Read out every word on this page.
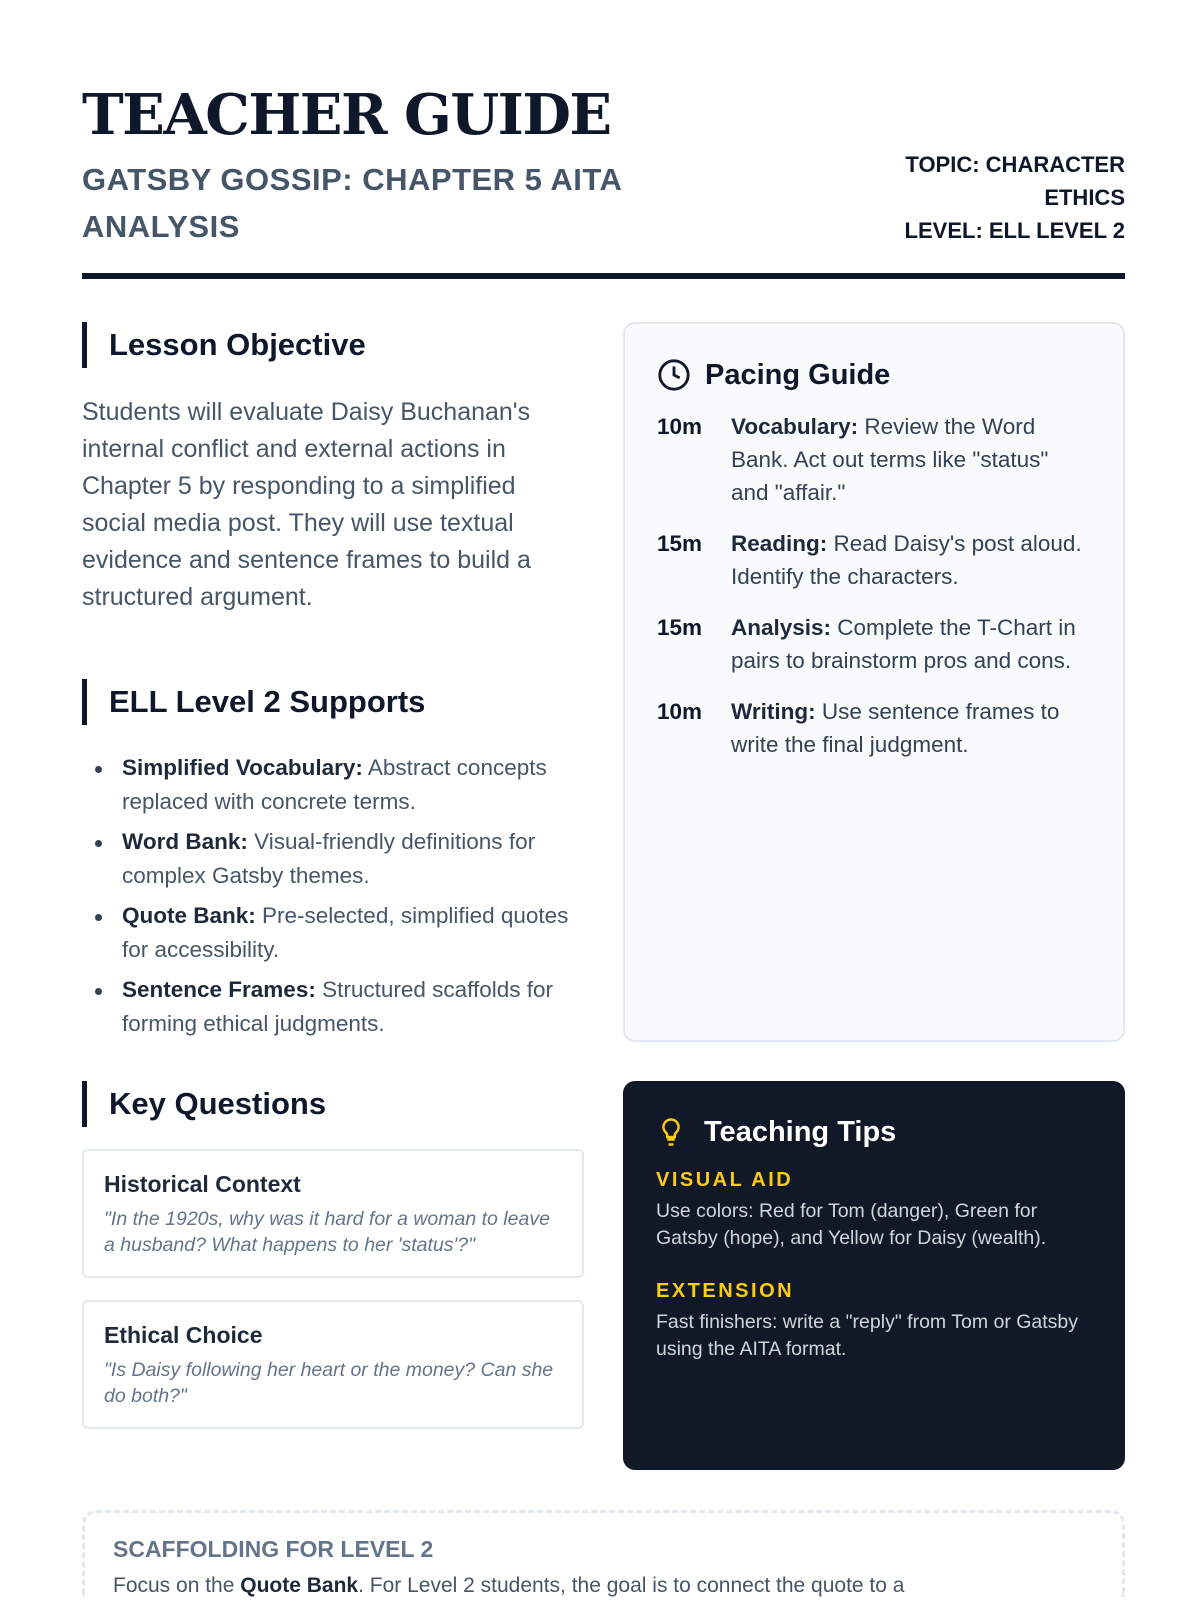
TEACHER GUIDE
GATSBY GOSSIP: CHAPTER 5 AITA ANALYSIS
TOPIC: CHARACTER ETHICS
LEVEL: ELL LEVEL 2
Lesson Objective

Students will evaluate Daisy Buchanan's internal conflict and external actions in Chapter 5 by responding to a simplified social media post. They will use textual evidence and sentence frames to build a structured argument.

ELL Level 2 Supports
Simplified Vocabulary: Abstract concepts replaced with concrete terms.
Word Bank: Visual-friendly definitions for complex Gatsby themes.
Quote Bank: Pre-selected, simplified quotes for accessibility.
Sentence Frames: Structured scaffolds for forming ethical judgments.
Key Questions
Historical Context

"In the 1920s, why was it hard for a woman to leave a husband? What happens to her 'status'?"

Ethical Choice

"Is Daisy following her heart or the money? Can she do both?"

Pacing Guide
10m	Vocabulary: Review the Word Bank. Act out terms like "status" and "affair."
15m	Reading: Read Daisy's post aloud. Identify the characters.
15m	Analysis: Complete the T-Chart in pairs to brainstorm pros and cons.
10m	Writing: Use sentence frames to write the final judgment.
Teaching Tips
VISUAL AID

Use colors: Red for Tom (danger), Green for Gatsby (hope), and Yellow for Daisy (wealth).

EXTENSION

Fast finishers: write a "reply" from Tom or Gatsby using the AITA format.

SCAFFOLDING FOR LEVEL 2

Focus on the Quote Bank. For Level 2 students, the goal is to connect the quote to a
